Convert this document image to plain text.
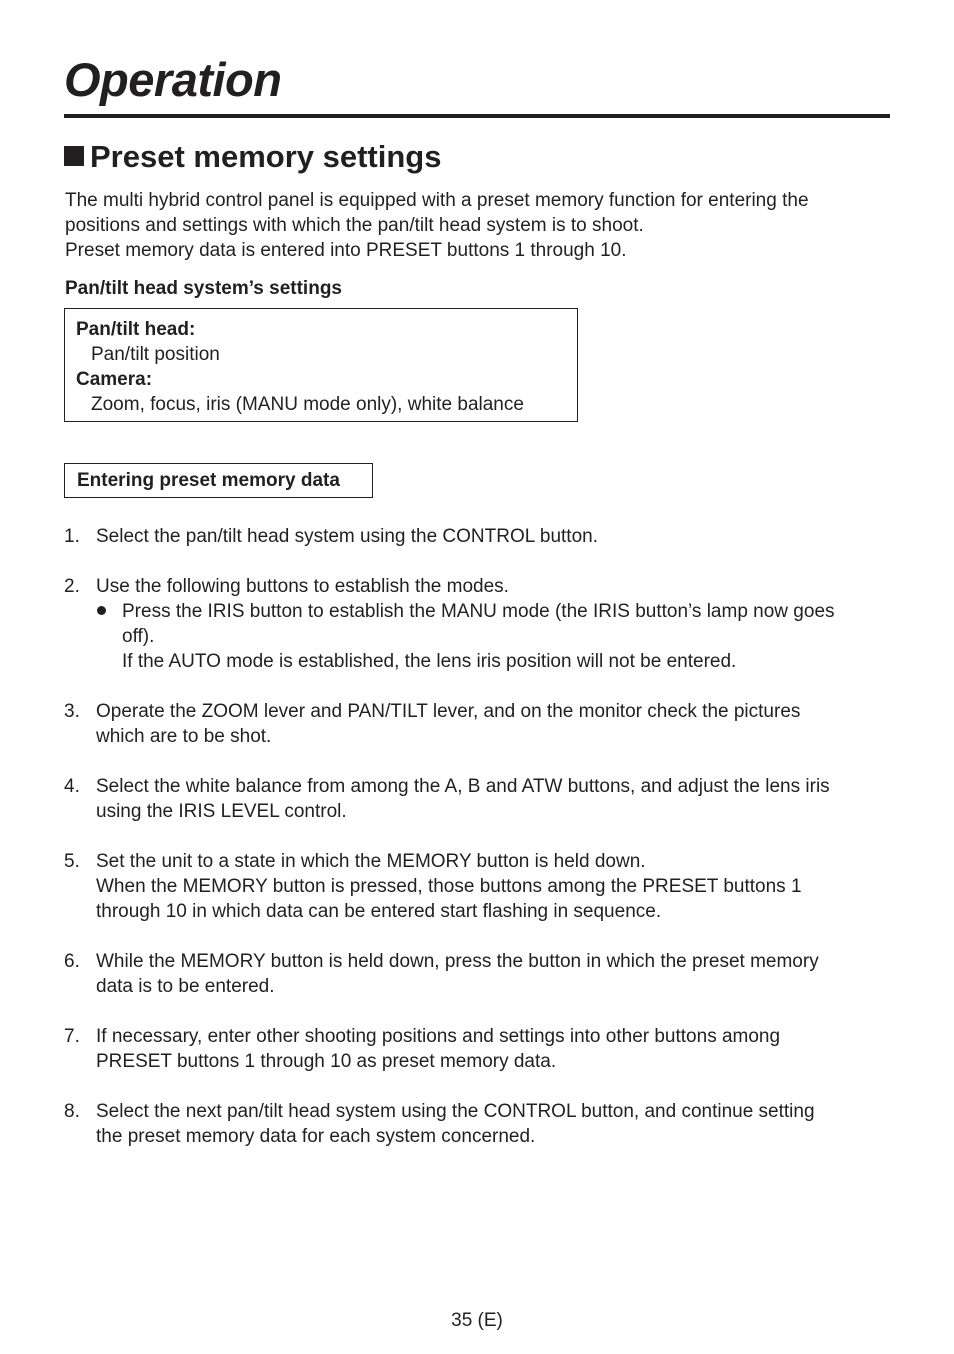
Operation
Preset memory settings

The multi hybrid control panel is equipped with a preset memory function for entering the

positions and settings with which the pan/tilt head system is to shoot.

Preset memory data is entered into PRESET buttons 1 through 10.

Pan/tilt head system’s settings

Pan/tilt head:
Pan/tilt position
Camera:
Zoom, focus, iris (MANU mode only), white balance
Entering preset memory data
1. Select the pan/tilt head system using the CONTROL button.
2. Use the following buttons to establish the modes.
Press the IRIS button to establish the MANU mode (the IRIS button’s lamp now goes
off).
If the AUTO mode is established, the lens iris position will not be entered.
3. Operate the ZOOM lever and PAN/TILT lever, and on the monitor check the pictures
which are to be shot.
4. Select the white balance from among the A, B and ATW buttons, and adjust the lens iris
using the IRIS LEVEL control.
5. Set the unit to a state in which the MEMORY button is held down.
When the MEMORY button is pressed, those buttons among the PRESET buttons 1
through 10 in which data can be entered start flashing in sequence.
6. While the MEMORY button is held down, press the button in which the preset memory
data is to be entered.
7. If necessary, enter other shooting positions and settings into other buttons among
PRESET buttons 1 through 10 as preset memory data.
8. Select the next pan/tilt head system using the CONTROL button, and continue setting
the preset memory data for each system concerned.
35 (E)
